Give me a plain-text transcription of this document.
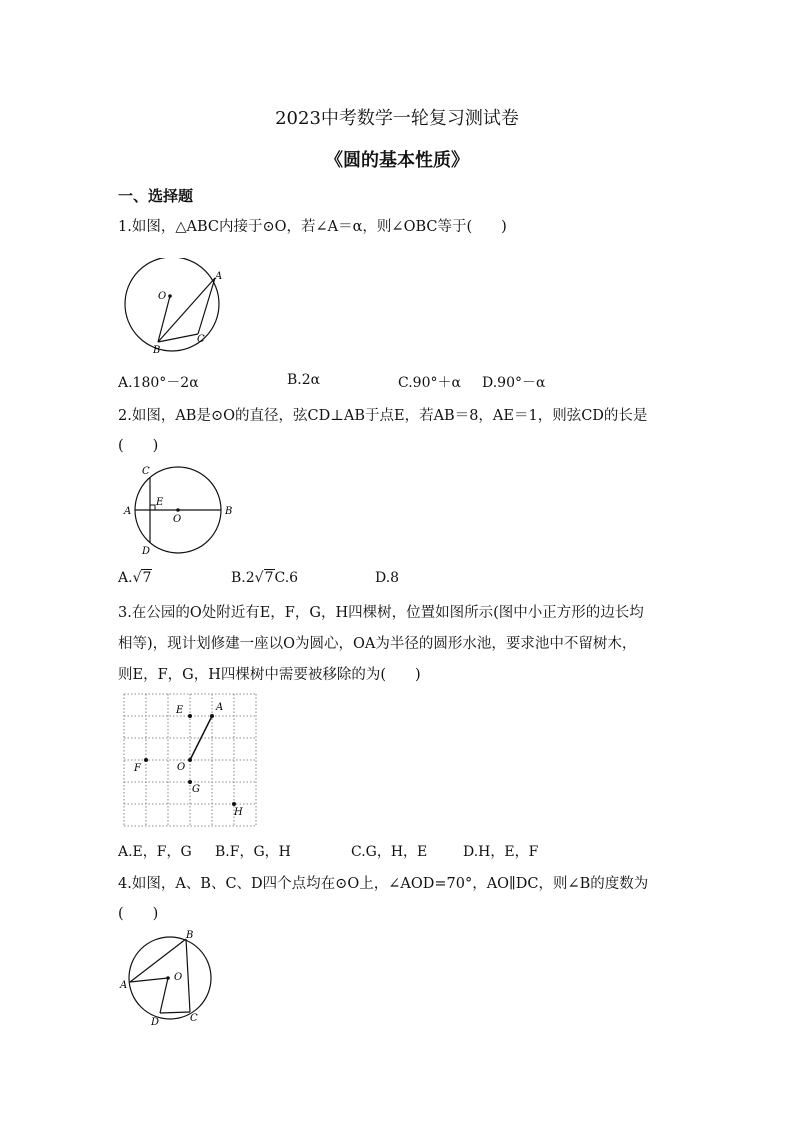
2023中考数学一轮复习测试卷
《圆的基本性质》
一、选择题
1.如图，△ABC内接于⊙O，若∠A＝α，则∠OBC等于(　　)
O
A
B
C
A.180°－2α	B.2α	C.90°＋α D.90°－α
2.如图，AB是⊙O的直径，弦CD⊥AB于点E，若AB＝8，AE＝1，则弦CD的长是
(　　)
C
E
A
O
B
D
A.√7	B.2√7C.6	D.8
3.在公园的O处附近有E，F，G，H四棵树，位置如图所示(图中小正方形的边长均
相等)，现计划修建一座以O为圆心，OA为半径的圆形水池，要求池中不留树木，
则E，F，G，H四棵树中需要被移除的为(　　)
E	A
F	O
G
H
A.E，F，G B.F，G，H	C.G，H，E	D.H，E，F
4.如图，A、B、C、D四个点均在⊙O上，∠AOD=70°，AO∥DC，则∠B的度数为
(　　)
B
A
O
D	C
